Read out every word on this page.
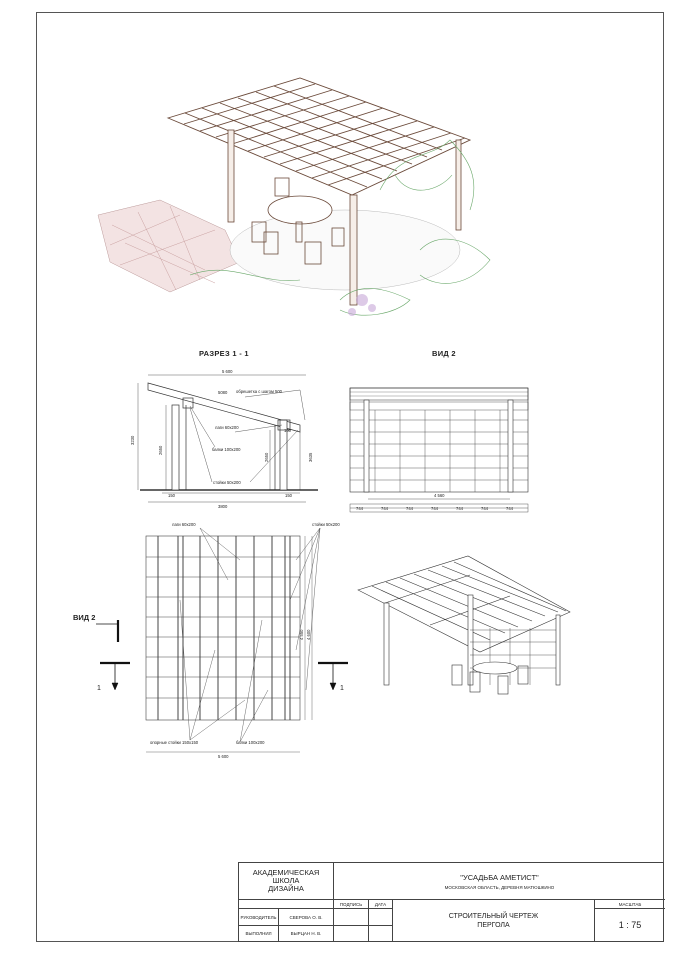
5 600
5080 обрешетка с шагом 500
лаги 60х200
балки 100х200
стойки 50х200
100
150	150
3800
3230
2650
2650	3635
4 560
744	744	744	744	744	744	744
лаги 60х200	стойки 50х200
опорные стойки 150х150	балки 100х200
5 600
4 550 4 600
ВИД 2
1	1
РАЗРЕЗ 1 - 1	ВИД 2
АКАДЕМИЧЕСКАЯ
ШКОЛА
ДИЗАЙНА
"УСАДЬБА АМЕТИСТ"
МОСКОВСКАЯ ОБЛАСТЬ, ДЕРЕВНЯ МАТЮШКИНО
ПОДПИСЬ	ДАТА
РУКОВОДИТЕЛЬ	СВЕРОВА О. В.
ВЫПОЛНИЛ	ВЫРЦАН Н. В.
СТРОИТЕЛЬНЫЙ ЧЕРТЕЖ
ПЕРГОЛА
МАСШТАБ
1 : 75
